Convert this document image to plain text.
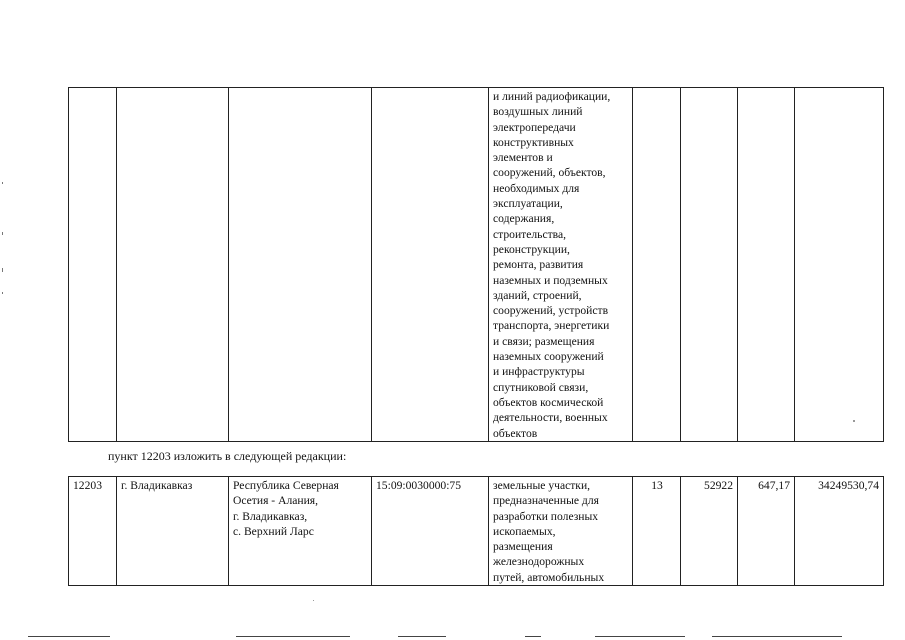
				и линий радиофикации,
воздушных линий
электропередачи
конструктивных
элементов и
сооружений, объектов,
необходимых для
эксплуатации,
содержания,
строительства,
реконструкции,
ремонта, развития
наземных и подземных
зданий, строений,
сооружений, устройств
транспорта, энергетики
и связи; размещения
наземных сооружений
и инфраструктуры
спутниковой связи,
объектов космической
деятельности, военных
объектов				
пункт 12203 изложить в следующей редакции:
12203	г. Владикавказ	Республика Северная
Осетия - Алания,
г. Владикавказ,
с. Верхний Ларс	15:09:0030000:75	земельные участки,
предназначенные для
разработки полезных
ископаемых,
размещения
железнодорожных
путей, автомобильных	13	52922	647,17	34249530,74
